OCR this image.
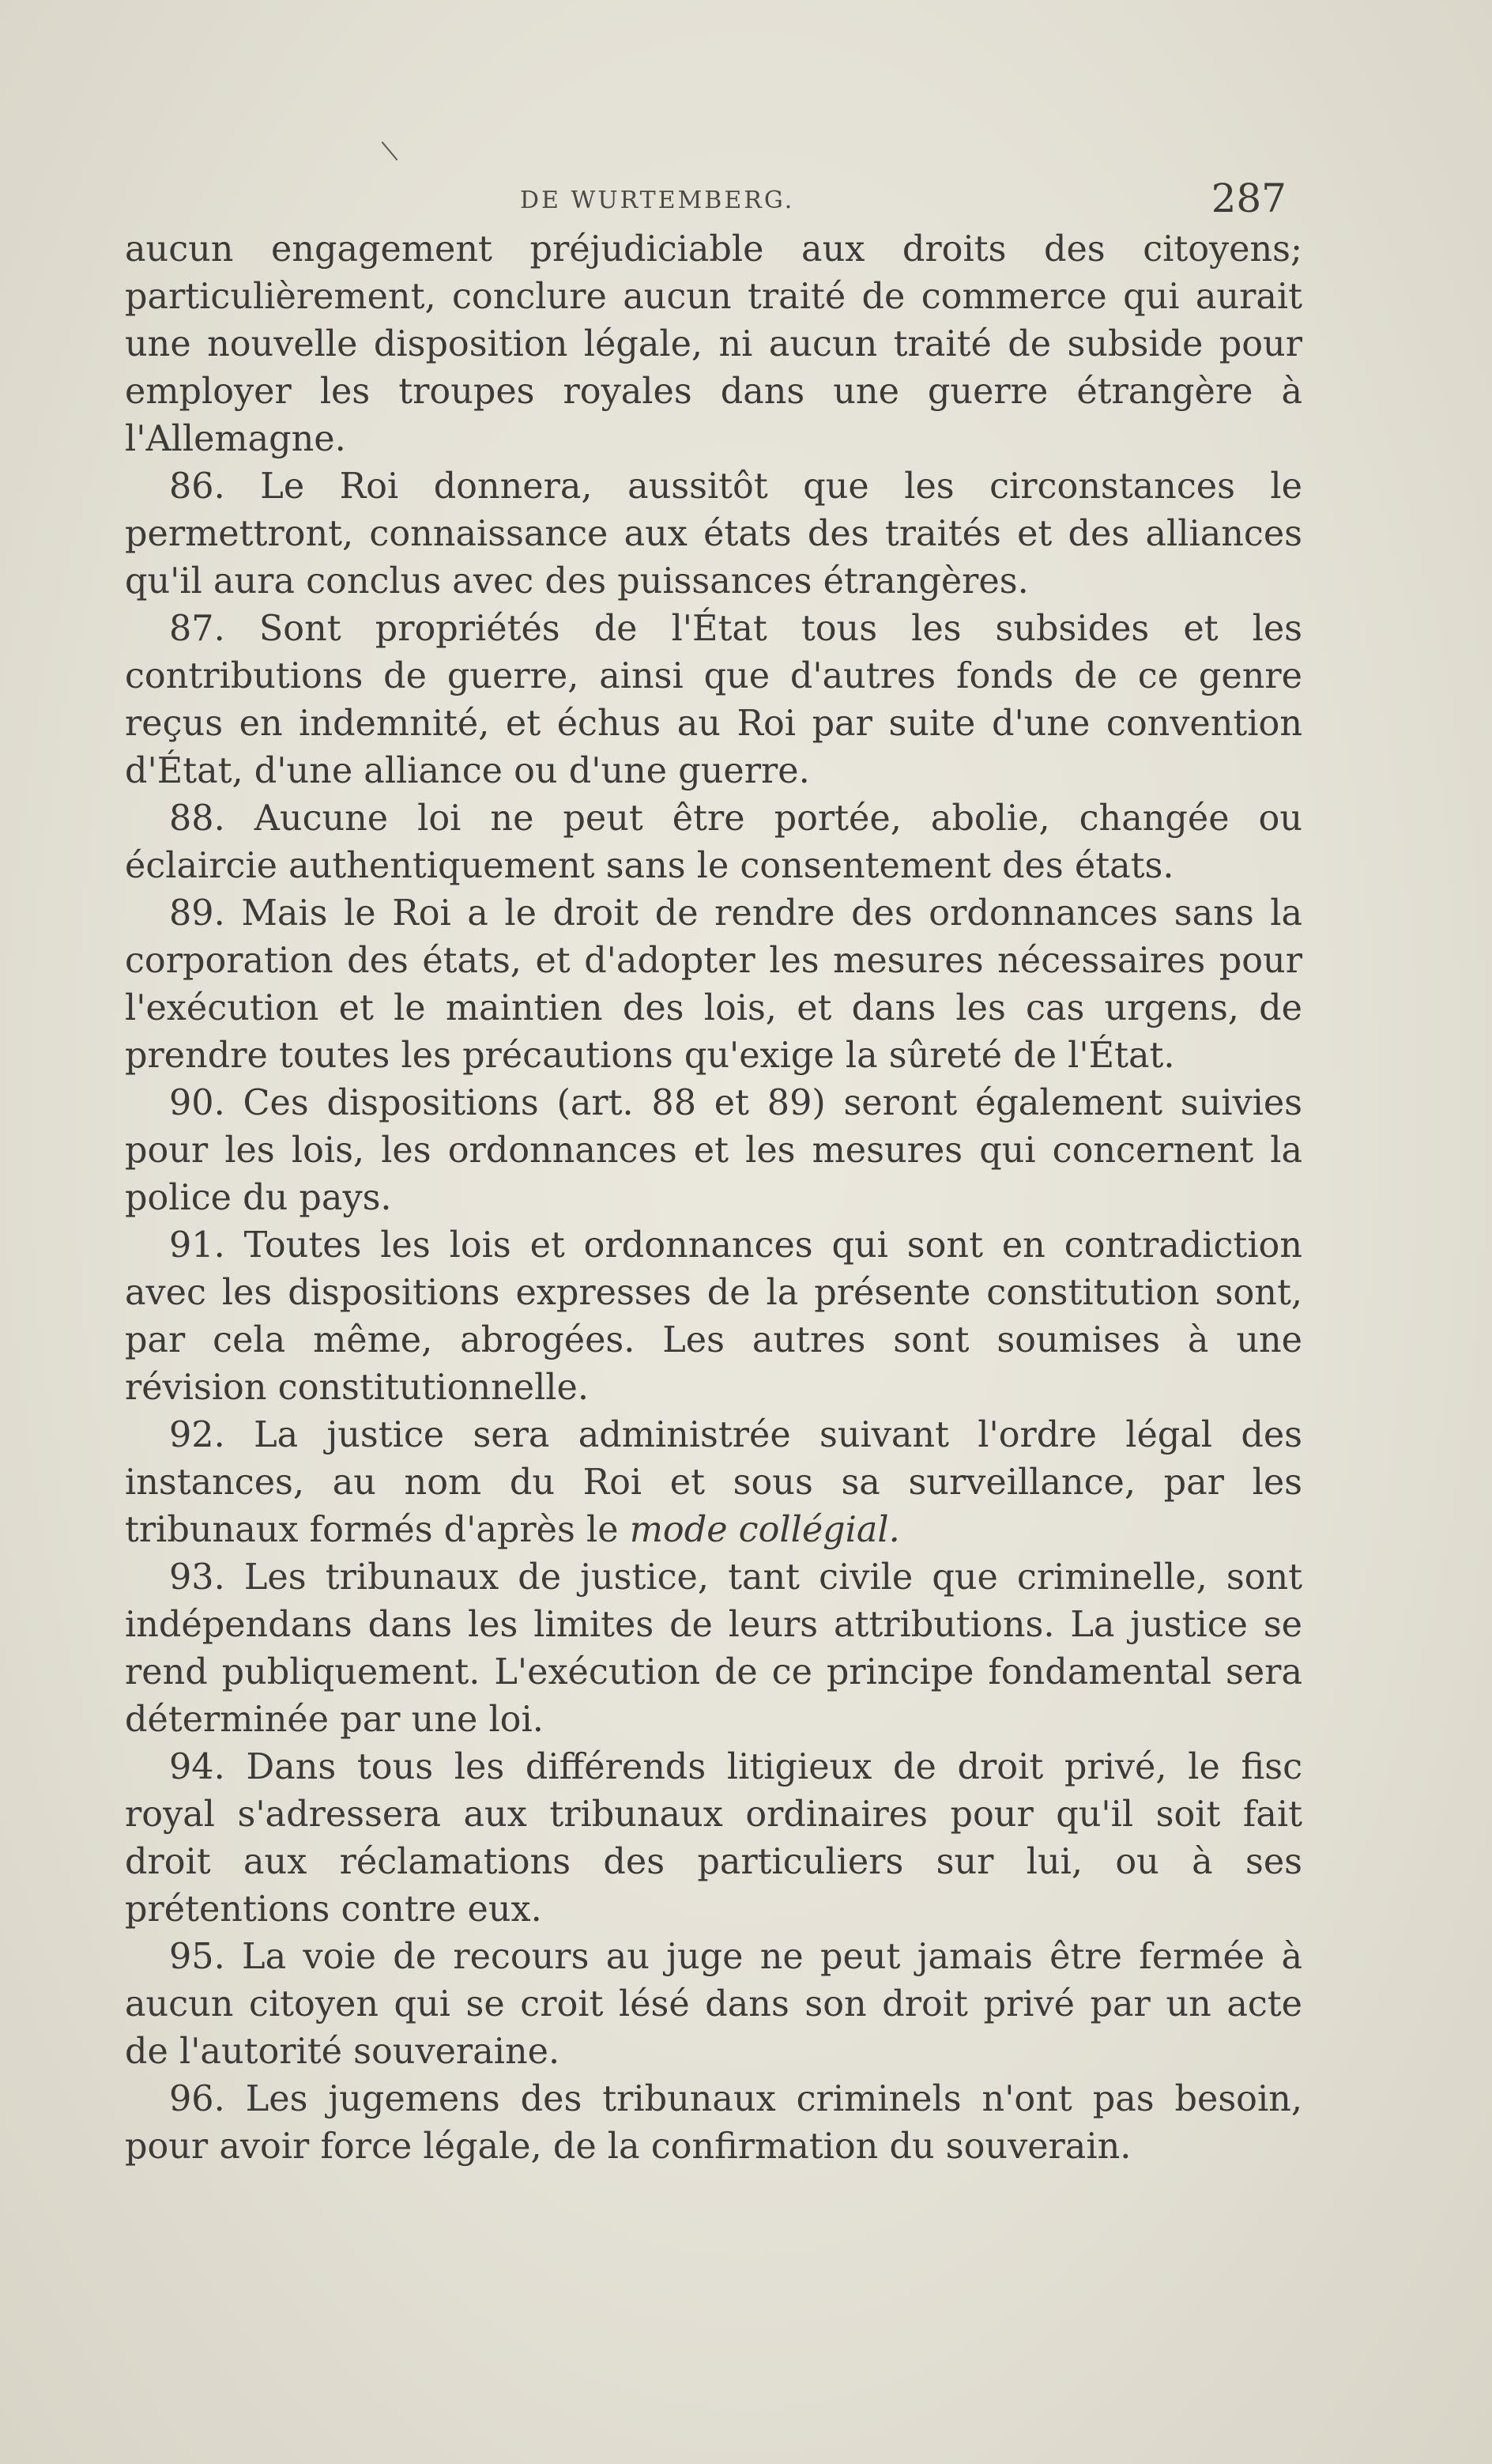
DE WURTEMBERG.	287

aucun engagement préjudiciable aux droits des citoyens; particulièrement, conclure aucun traité de commerce qui aurait une nouvelle disposition légale, ni aucun traité de subside pour employer les troupes royales dans une guerre étrangère à l'Allemagne.

86. Le Roi donnera, aussitôt que les circonstances le permettront, connaissance aux états des traités et des alliances qu'il aura conclus avec des puissances étrangères.

87. Sont propriétés de l'État tous les subsides et les contributions de guerre, ainsi que d'autres fonds de ce genre reçus en indemnité, et échus au Roi par suite d'une convention d'État, d'une alliance ou d'une guerre.

88. Aucune loi ne peut être portée, abolie, changée ou éclaircie authentiquement sans le consentement des états.

89. Mais le Roi a le droit de rendre des ordonnances sans la corporation des états, et d'adopter les mesures nécessaires pour l'exécution et le maintien des lois, et dans les cas urgens, de prendre toutes les précautions qu'exige la sûreté de l'État.

90. Ces dispositions (art. 88 et 89) seront également suivies pour les lois, les ordonnances et les mesures qui concernent la police du pays.

91. Toutes les lois et ordonnances qui sont en contradiction avec les dispositions expresses de la présente constitution sont, par cela même, abrogées. Les autres sont soumises à une révision constitutionnelle.

92. La justice sera administrée suivant l'ordre légal des instances, au nom du Roi et sous sa surveillance, par les tribunaux formés d'après le mode collégial.

93. Les tribunaux de justice, tant civile que criminelle, sont indépendans dans les limites de leurs attributions. La justice se rend publiquement. L'exécution de ce principe fondamental sera déterminée par une loi.

94. Dans tous les différends litigieux de droit privé, le fisc royal s'adressera aux tribunaux ordinaires pour qu'il soit fait droit aux réclamations des particuliers sur lui, ou à ses prétentions contre eux.

95. La voie de recours au juge ne peut jamais être fermée à aucun citoyen qui se croit lésé dans son droit privé par un acte de l'autorité souveraine.

96. Les jugemens des tribunaux criminels n'ont pas besoin, pour avoir force légale, de la confirmation du souverain.
